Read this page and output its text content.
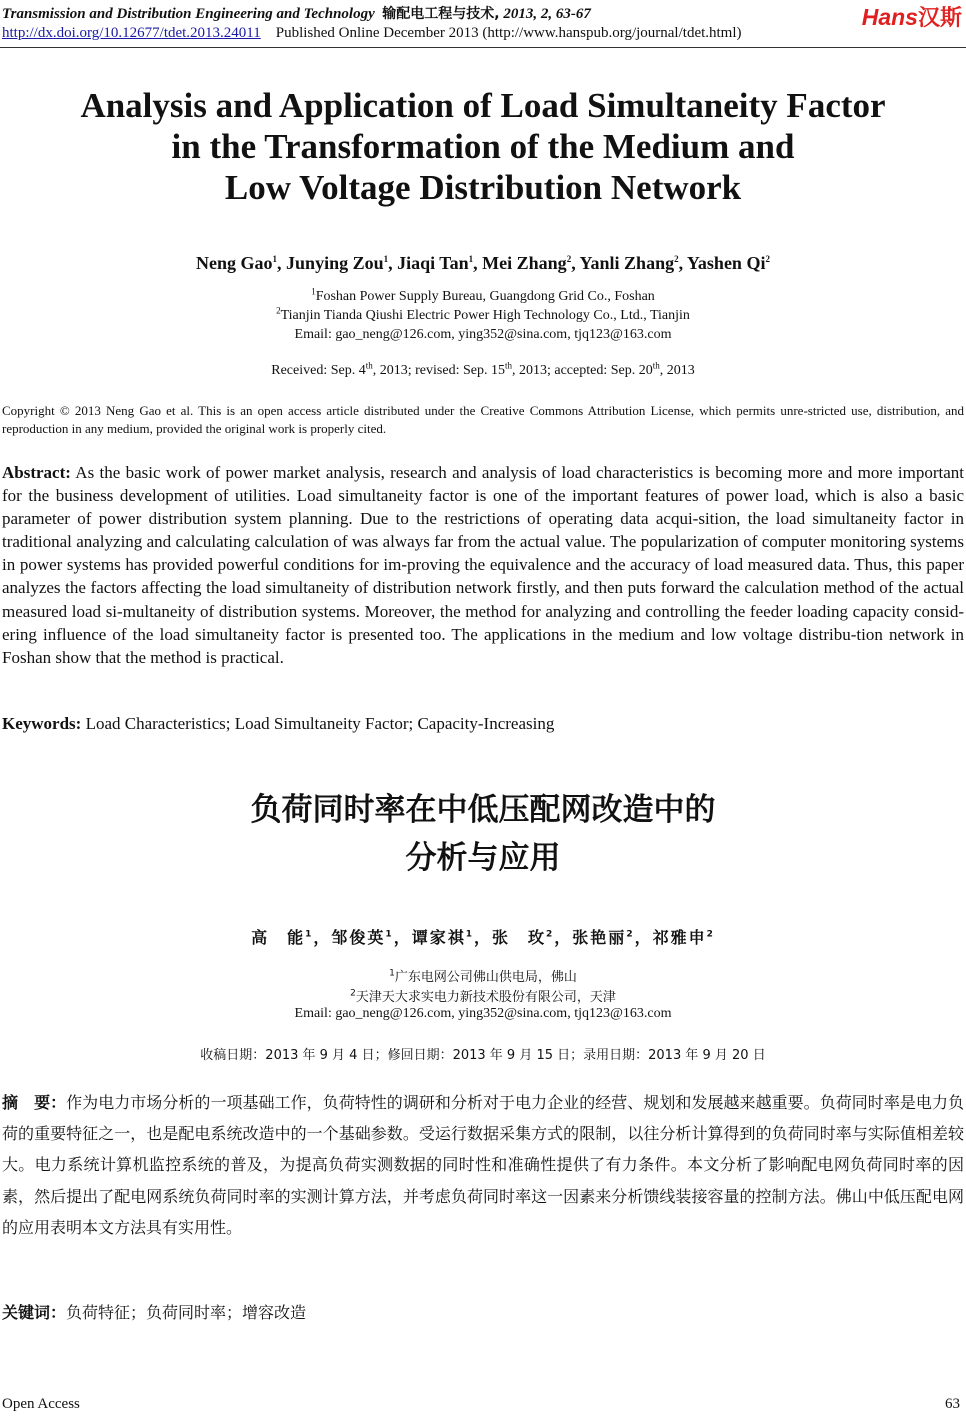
Transmission and Distribution Engineering and Technology 输配电工程与技术, 2013, 2, 63-67
http://dx.doi.org/10.12677/tdet.2013.24011 Published Online December 2013 (http://www.hanspub.org/journal/tdet.html)
Hans汉斯
Analysis and Application of Load Simultaneity Factor
in the Transformation of the Medium and
Low Voltage Distribution Network
Neng Gao$^1$, Junying Zou$^1$, Jiaqi Tan$^1$, Mei Zhang$^2$, Yanli Zhang$^2$, Yashen Qi$^2$
$^1$Foshan Power Supply Bureau, Guangdong Grid Co., Foshan
$^2$Tianjin Tianda Qiushi Electric Power High Technology Co., Ltd., Tianjin
Email: gao_neng@126.com, ying352@sina.com, tjq123@163.com
Received: Sep. 4th, 2013; revised: Sep. 15th, 2013; accepted: Sep. 20th, 2013
Copyright © 2013 Neng Gao et al. This is an open access article distributed under the Creative Commons Attribution License, which permits unre-stricted use, distribution, and reproduction in any medium, provided the original work is properly cited.
Abstract: As the basic work of power market analysis, research and analysis of load characteristics is becoming more and more important for the business development of utilities. Load simultaneity factor is one of the important features of power load, which is also a basic parameter of power distribution system planning. Due to the restrictions of operating data acqui-sition, the load simultaneity factor in traditional analyzing and calculating calculation of was always far from the actual value. The popularization of computer monitoring systems in power systems has provided powerful conditions for im-proving the equivalence and the accuracy of load measured data. Thus, this paper analyzes the factors affecting the load simultaneity of distribution network firstly, and then puts forward the calculation method of the actual measured load si-multaneity of distribution systems. Moreover, the method for analyzing and controlling the feeder loading capacity consid-ering influence of the load simultaneity factor is presented too. The applications in the medium and low voltage distribu-tion network in Foshan show that the method is practical.
Keywords: Load Characteristics; Load Simultaneity Factor; Capacity-Increasing
负荷同时率在中低压配网改造中的
分析与应用
高　能$^1$，邹俊英$^1$，谭家祺$^1$，张　玫$^2$，张艳丽$^2$，祁雅申$^2$
$^1$广东电网公司佛山供电局，佛山
$^2$天津天大求实电力新技术股份有限公司，天津
Email: gao_neng@126.com, ying352@sina.com, tjq123@163.com
收稿日期：2013 年 9 月 4 日；修回日期：2013 年 9 月 15 日；录用日期：2013 年 9 月 20 日
摘　要：作为电力市场分析的一项基础工作，负荷特性的调研和分析对于电力企业的经营、规划和发展越来越重要。负荷同时率是电力负荷的重要特征之一，也是配电系统改造中的一个基础参数。受运行数据采集方式的限制，以往分析计算得到的负荷同时率与实际值相差较大。电力系统计算机监控系统的普及，为提高负荷实测数据的同时性和准确性提供了有力条件。本文分析了影响配电网负荷同时率的因素，然后提出了配电网系统负荷同时率的实测计算方法，并考虑负荷同时率这一因素来分析馈线装接容量的控制方法。佛山中低压配电网的应用表明本文方法具有实用性。
关键词：负荷特征；负荷同时率；增容改造
Open Access	63
